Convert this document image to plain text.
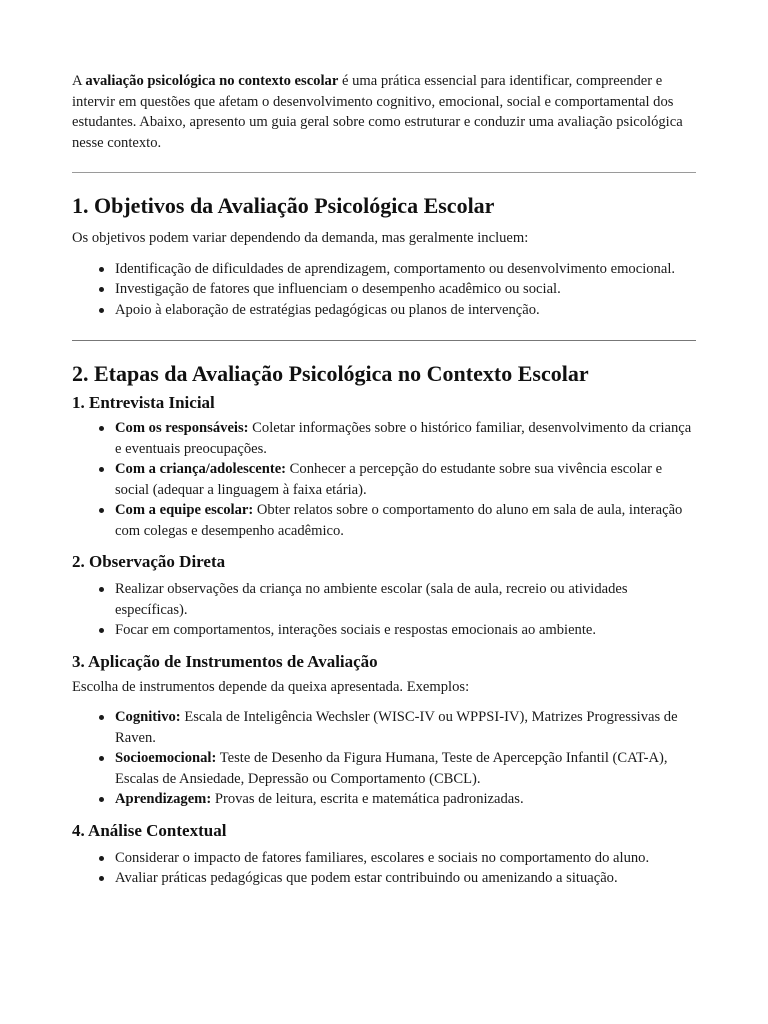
A avaliação psicológica no contexto escolar é uma prática essencial para identificar, compreender e intervir em questões que afetam o desenvolvimento cognitivo, emocional, social e comportamental dos estudantes. Abaixo, apresento um guia geral sobre como estruturar e conduzir uma avaliação psicológica nesse contexto.

1. Objetivos da Avaliação Psicológica Escolar

Os objetivos podem variar dependendo da demanda, mas geralmente incluem:

Identificação de dificuldades de aprendizagem, comportamento ou desenvolvimento emocional.
Investigação de fatores que influenciam o desempenho acadêmico ou social.
Apoio à elaboração de estratégias pedagógicas ou planos de intervenção.
2. Etapas da Avaliação Psicológica no Contexto Escolar
1. Entrevista Inicial
Com os responsáveis: Coletar informações sobre o histórico familiar, desenvolvimento da criança e eventuais preocupações.
Com a criança/adolescente: Conhecer a percepção do estudante sobre sua vivência escolar e social (adequar a linguagem à faixa etária).
Com a equipe escolar: Obter relatos sobre o comportamento do aluno em sala de aula, interação com colegas e desempenho acadêmico.
2. Observação Direta
Realizar observações da criança no ambiente escolar (sala de aula, recreio ou atividades específicas).
Focar em comportamentos, interações sociais e respostas emocionais ao ambiente.
3. Aplicação de Instrumentos de Avaliação

Escolha de instrumentos depende da queixa apresentada. Exemplos:

Cognitivo: Escala de Inteligência Wechsler (WISC-IV ou WPPSI-IV), Matrizes Progressivas de Raven.
Socioemocional: Teste de Desenho da Figura Humana, Teste de Apercepção Infantil (CAT-A), Escalas de Ansiedade, Depressão ou Comportamento (CBCL).
Aprendizagem: Provas de leitura, escrita e matemática padronizadas.
4. Análise Contextual
Considerar o impacto de fatores familiares, escolares e sociais no comportamento do aluno.
Avaliar práticas pedagógicas que podem estar contribuindo ou amenizando a situação.
